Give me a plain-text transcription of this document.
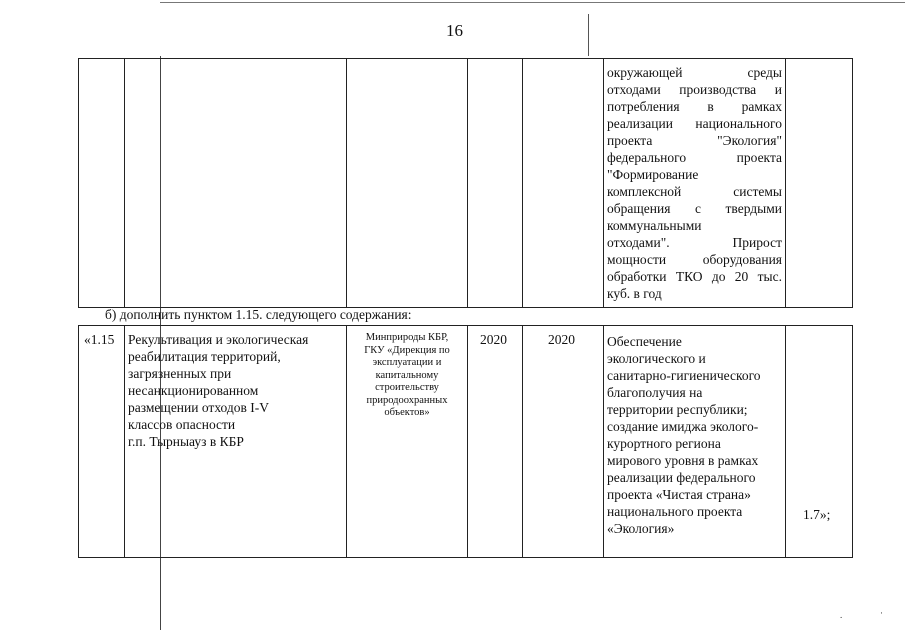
16
окружающей среды
отходами производства и
потребления в рамках
реализации национального
проекта "Экология"
федерального проекта
"Формирование
комплексной системы
обращения с твердыми
коммунальными
отходами". Прирост
мощности оборудования
обработки ТКО до 20 тыс.
куб. в год
б) дополнить пунктом 1.15. следующего содержания:
«1.15 Рекультивация и экологическая
реабилитация территорий,
загрязненных при
несанкционированном
размещении отходов I-V
классов опасности
г.п. Тырныауз в КБР
Минприроды КБР,
ГКУ «Дирекция по
эксплуатации и
капитальному
строительству
природоохранных
объектов»
2020	2020 Обеспечение
экологического и
санитарно-гигиенического
благополучия на
территории республики;
создание имиджа эколого-
курортного региона
мирового уровня в рамках
реализации федерального
проекта «Чистая страна»
национального проекта
«Экология»
1.7»;
.	·
